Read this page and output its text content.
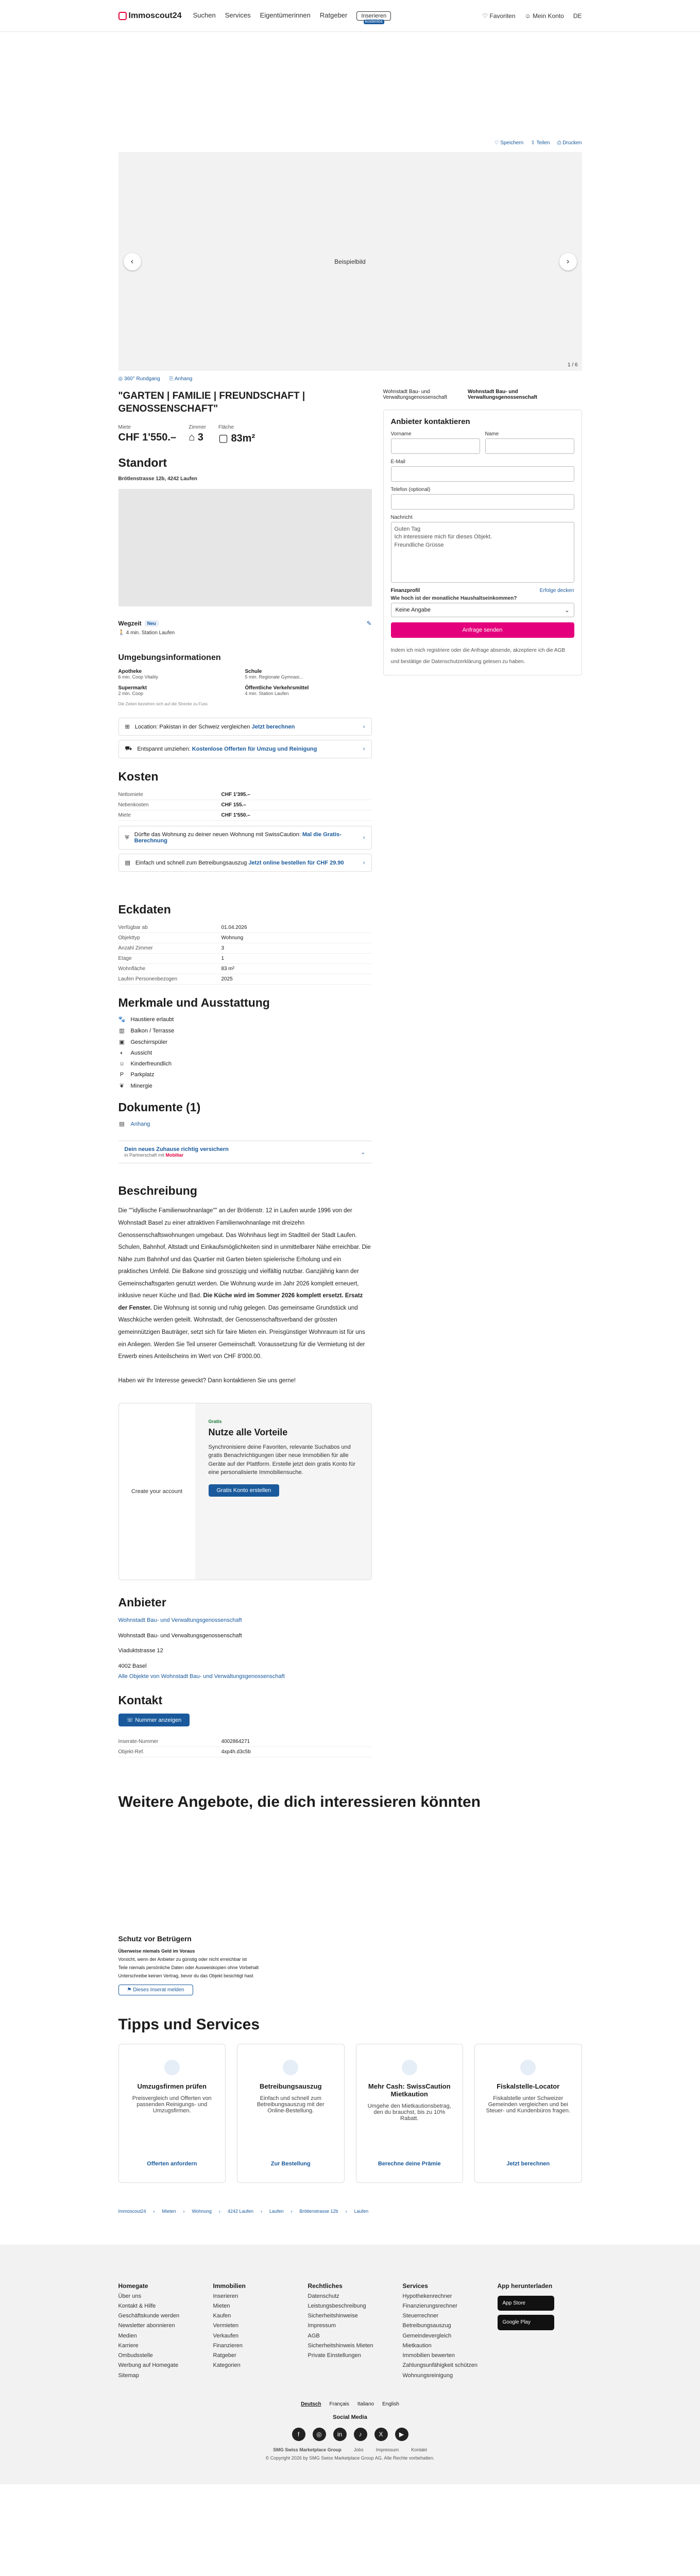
Immoscout24 Suchen Services Eigentümerinnen Ratgeber Inserieren
kostenlos
♡ Favoriten ☺ Mein Konto DE
♡ Speichern ⇪ Teilen ⎙ Drucken
Beispielbild
‹	›
1 / 6
◎ 360° Rundgang ⎘ Anhang
"GARTEN | FAMILIE | FREUNDSCHAFT | GENOSSENSCHAFT"
Miete
CHF 1'550.–
Zimmer
⌂ 3
Fläche
▢ 83m²
Standort
Brötlenstrasse 12b, 4242 Laufen
Wegzeit	Neu	✎
🚶 4 min. Station Laufen
Umgebungsinformationen
Apotheke
6 min. Coop Vitality
Schule
5 min. Regionale Gymnasi...
Supermarkt
2 min. Coop
Öffentliche Verkehrsmittel
4 min. Station Laufen
Die Zeiten beziehen sich auf die Strecke zu Fuss
⊞ Location: Pakistan in der Schweiz vergleichen Jetzt berechnen	›
⛟ Entspannt umziehen: Kostenlose Offerten für Umzug und Reinigung	›
Kosten
Nettomiete	CHF 1'395.–
Nebenkosten	CHF 155.–
Miete	CHF 1'550.–
⛨ Dürfte das Wohnung zu deiner neuen Wohnung mit SwissCaution: Mal die Gratis-Berechnung	›
▤ Einfach und schnell zum Betreibungsauszug Jetzt online bestellen für CHF 29.90	›
Eckdaten
Verfügbar ab	01.04.2026
Objekttyp	Wohnung
Anzahl Zimmer	3
Etage	1
Wohnfläche	83 m²
Laufen Personenbezogen	2025
Merkmale und Ausstattung
🐾 Haustiere erlaubt
▥ Balkon / Terrasse
▣ Geschirrspüler
◐	Aussicht
☺ Kinderfreundlich
P	Parkplatz
❦ Minergie
Dokumente (1)
▤ Anhang
Dein neues Zuhause richtig versichern
in Partnerschaft mit Mobiliar	⌄
Beschreibung
Die ""idyllische Familienwohnanlage"" an der Brötlenstr. 12 in Laufen wurde 1996 von der Wohnstadt Basel zu einer attraktiven Familienwohnanlage mit dreizehn Genossenschaftswohnungen umgebaut. Das Wohnhaus liegt im Stadtteil der Stadt Laufen. Schulen, Bahnhof, Altstadt und Einkaufsmöglichkeiten sind in unmittelbarer Nähe erreichbar. Die Nähe zum Bahnhof und das Quartier mit Garten bieten spielerische Erholung und ein praktisches Umfeld. Die Balkone sind grosszügig und vielfältig nutzbar. Ganzjährig kann der Gemeinschaftsgarten genutzt werden. Die Wohnung wurde im Jahr 2026 komplett erneuert, inklusive neuer Küche und Bad. Die Küche wird im Sommer 2026 komplett ersetzt. Ersatz der Fenster. Die Wohnung ist sonnig und ruhig gelegen. Das gemeinsame Grundstück und Waschküche werden geteilt. Wohnstadt, der Genossenschaftsverband der grössten gemeinnützigen Bauträger, setzt sich für faire Mieten ein. Preisgünstiger Wohnraum ist für uns ein Anliegen. Werden Sie Teil unserer Gemeinschaft. Voraussetzung für die Vermietung ist der Erwerb eines Anteilscheins im Wert von CHF 8'000.00.

Haben wir Ihr Interesse geweckt? Dann kontaktieren Sie uns gerne!
Create your account
Gratis
Nutze alle Vorteile

Synchronisiere deine Favoriten, relevante Suchabos und gratis Benachrichtigungen über neue Immobilien für alle Geräte auf der Plattform. Erstelle jetzt dein gratis Konto für eine personalisierte Immobiliensuche.

Gratis Konto erstellen
Anbieter
Wohnstadt Bau- und Verwaltungsgenossenschaft
Wohnstadt Bau- und Verwaltungsgenossenschaft
Viaduktstrasse 12
4002 Basel
Alle Objekte von Wohnstadt Bau- und Verwaltungsgenossenschaft
Kontakt
☏ Nummer anzeigen
Inserate-Nummer	4002864271
Objekt-Ref.	4xp4h.d3c5b
Wohnstadt Bau- und Verwaltungsgenossenschaft
Wohnstadt Bau- und Verwaltungsgenossenschaft
Anbieter kontaktieren
Vorname	Name
E-Mail
Telefon (optional)
Nachricht
Guten Tag
Ich interessiere mich für dieses Objekt.
Freundliche Grüsse
Finanzprofil	Erfolge decken
Wie hoch ist der monatliche Haushaltseinkommen?
Keine Angabe	⌄
Anfrage senden
Indem ich mich registriere oder die Anfrage absende, akzeptiere ich die AGB und bestätige die Datenschutzerklärung gelesen zu haben.
Weitere Angebote, die dich interessieren könnten
Schutz vor Betrügern
Überweise niemals Geld im Voraus
Vorsicht, wenn der Anbieter zu günstig oder nicht erreichbar ist
Teile niemals persönliche Daten oder Ausweiskopien ohne Vorbehalt
Unterschreibe keinen Vertrag, bevor du das Objekt besichtigt hast
⚑ Dieses Inserat melden
Tipps und Services
Umzugsfirmen prüfen

Preisvergleich und Offerten von passenden Reinigungs- und Umzugsfirmen.

Offerten anfordern
Betreibungsauszug

Einfach und schnell zum Betreibungsauszug mit der Online-Bestellung.

Zur Bestellung
Mehr Cash: SwissCaution Mietkaution

Umgehe den Mietkautionsbetrag, den du brauchst, bis zu 10% Rabatt.

Berechne deine Prämie
Fiskalstelle-Locator

Fiskalstelle unter Schweizer Gemeinden vergleichen und bei Steuer- und Kundenbüros fragen.

Jetzt berechnen
Immoscout24 › Mieten › Wohnung › 4242 Laufen › Laufen › Brötlenstrasse 12b › Laufen
Homegate
Über uns
Kontakt & Hilfe
Geschäftskunde werden
Newsletter abonnieren
Medien
Karriere
Ombudsstelle
Werbung auf Homegate
Sitemap
Immobilien
Inserieren
Mieten
Kaufen
Vermieten
Verkaufen
Finanzieren
Ratgeber
Kategorien
Rechtliches
Datenschutz
Leistungsbeschreibung
Sicherheitshinweise
Impressum
AGB
Sicherheitshinweis Mieten
Private Einstellungen
Services
Hypothekenrechner
Finanzierungsrechner
Steuerrechner
Betreibungsauszug
Gemeindevergleich
Mietkaution
Immobilien bewerten
Zahlungsunfähigkeit schützen
Wohnungsreinigung
App herunterladen
App Store
Google Play
Deutsch Français Italiano English
Social Media
f	◎	in	♪	X	▶
SMG Swiss Marketplace Group	Jobs	Impressum	Kontakt
© Copyright 2026 by SMG Swiss Marketplace Group AG. Alle Rechte vorbehalten.
